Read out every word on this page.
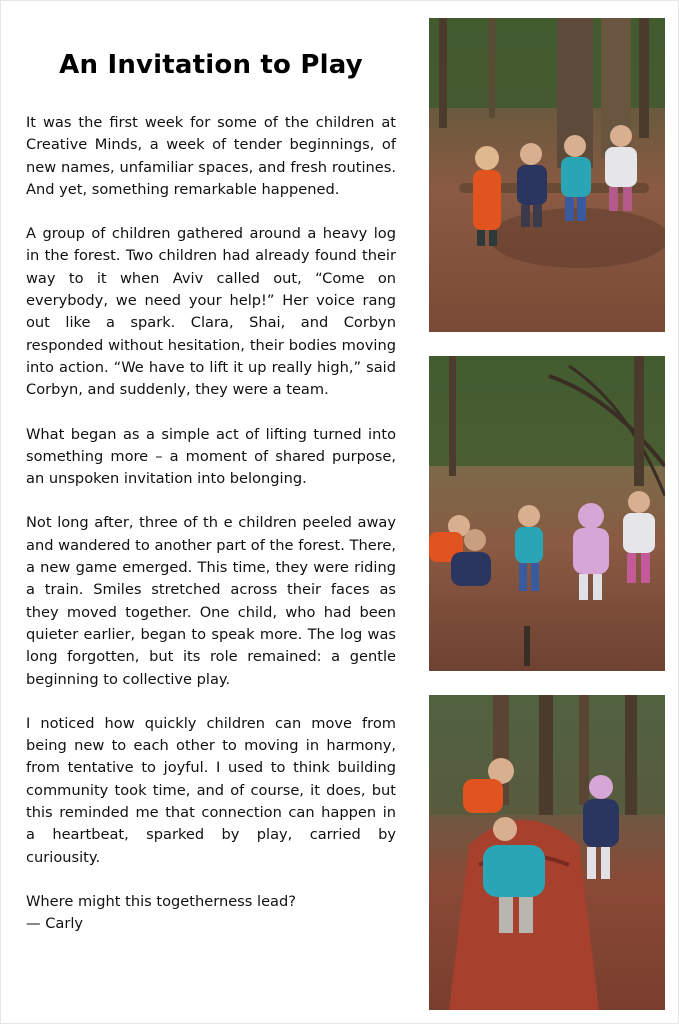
An Invitation to Play

It was the first week for some of the children at Creative Minds, a week of tender beginnings, of new names, unfamiliar spaces, and fresh routines. And yet, something remarkable happened.

A group of children gathered around a heavy log in the forest. Two children had already found their way to it when Aviv called out, “Come on everybody, we need your help!” Her voice rang out like a spark. Clara, Shai, and Corbyn responded without hesitation, their bodies moving into action. “We have to lift it up really high,” said Corbyn, and suddenly, they were a team.

What began as a simple act of lifting turned into something more – a moment of shared purpose, an unspoken invitation into belonging.

Not long after, three of th e children peeled away and wandered to another part of the forest. There, a new game emerged. This time, they were riding a train. Smiles stretched across their faces as they moved together. One child, who had been quieter earlier, began to speak more. The log was long forgotten, but its role remained: a gentle beginning to collective play.

I noticed how quickly children can move from being new to each other to moving in harmony, from tentative to joyful. I used to think building community took time, and of course, it does, but this reminded me that connection can happen in a heartbeat, sparked by play, carried by curiousity.

Where might this togetherness lead?
— Carly
